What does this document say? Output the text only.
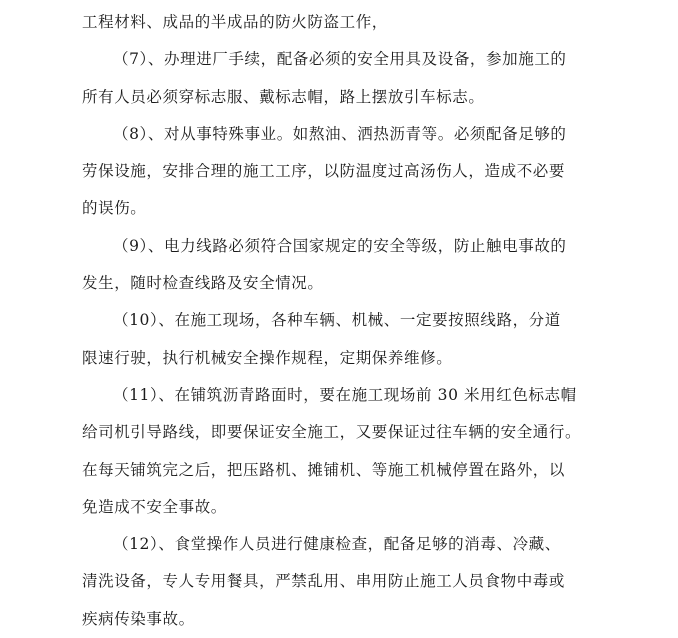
工程材料、成品的半成品的防火防盗工作，
（7）、办理进厂手续，配备必须的安全用具及设备，参加施工的
所有人员必须穿标志服、戴标志帽，路上摆放引车标志。
（8）、对从事特殊事业。如熬油、洒热沥青等。必须配备足够的
劳保设施，安排合理的施工工序，以防温度过高汤伤人，造成不必要
的误伤。
（9）、电力线路必须符合国家规定的安全等级，防止触电事故的
发生，随时检查线路及安全情况。
（10）、在施工现场，各种车辆、机械、一定要按照线路，分道
限速行驶，执行机械安全操作规程，定期保养维修。
（11）、在铺筑沥青路面时，要在施工现场前 30 米用红色标志帽
给司机引导路线，即要保证安全施工，又要保证过往车辆的安全通行。
在每天铺筑完之后，把压路机、摊铺机、等施工机械停置在路外，以
免造成不安全事故。
（12）、食堂操作人员进行健康检查，配备足够的消毒、冷藏、
清洗设备，专人专用餐具，严禁乱用、串用防止施工人员食物中毒或
疾病传染事故。
